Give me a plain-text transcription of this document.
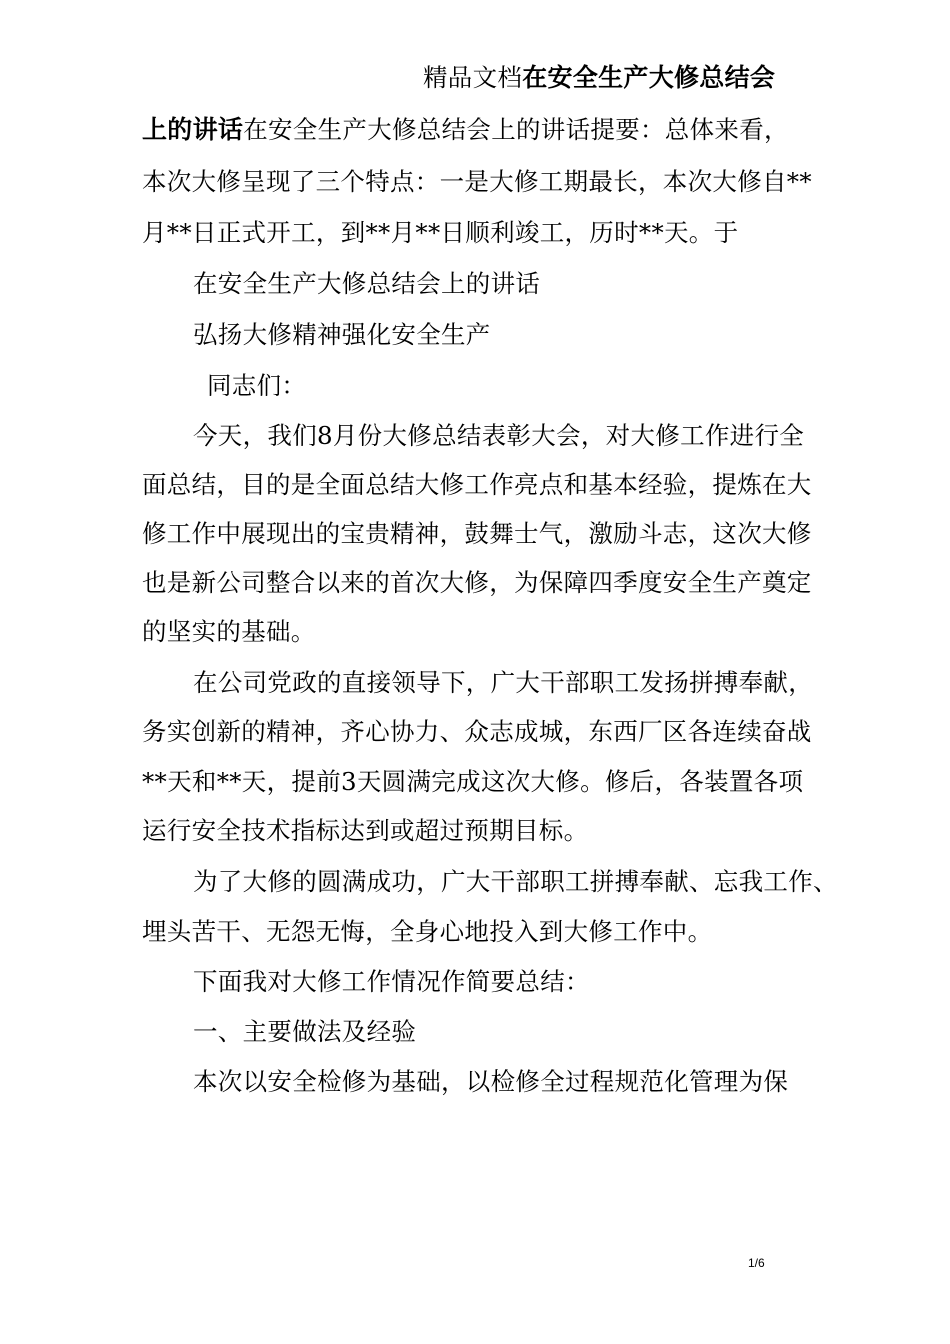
精品文档在安全生产大修总结会
上的讲话在安全生产大修总结会上的讲话提要：总体来看，
本次大修呈现了三个特点：一是大修工期最长，本次大修自**
月**日正式开工，到**月**日顺利竣工，历时**天。于
在安全生产大修总结会上的讲话
弘扬大修精神强化安全生产
同志们：
今天，我们8月份大修总结表彰大会，对大修工作进行全
面总结，目的是全面总结大修工作亮点和基本经验，提炼在大
修工作中展现出的宝贵精神，鼓舞士气，激励斗志，这次大修
也是新公司整合以来的首次大修，为保障四季度安全生产奠定
的坚实的基础。
在公司党政的直接领导下，广大干部职工发扬拼搏奉献，
务实创新的精神，齐心协力、众志成城，东西厂区各连续奋战
**天和**天，提前3天圆满完成这次大修。修后，各装置各项
运行安全技术指标达到或超过预期目标。
为了大修的圆满成功，广大干部职工拼搏奉献、忘我工作、
埋头苦干、无怨无悔，全身心地投入到大修工作中。
下面我对大修工作情况作简要总结：
一、主要做法及经验
本次以安全检修为基础，以检修全过程规范化管理为保
1/6
